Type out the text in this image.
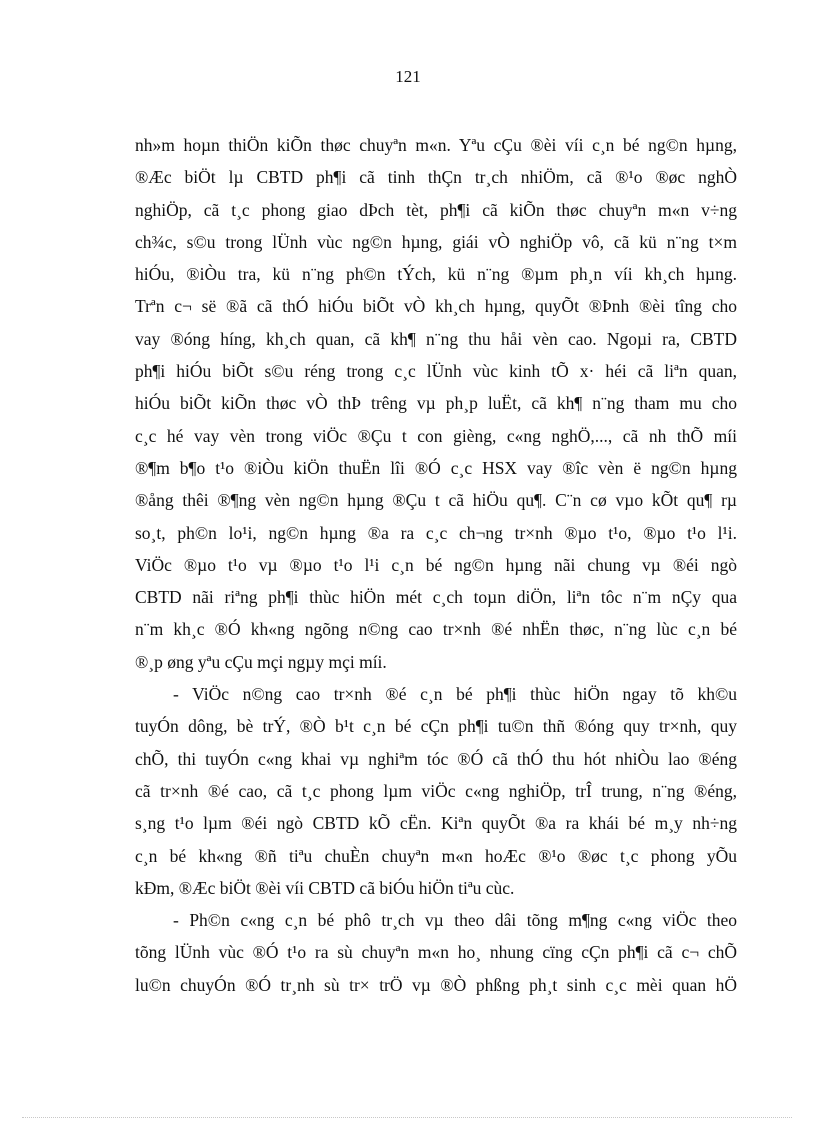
121
nh»m hoµn thiÖn kiÕn thøc chuyªn m«n. Yªu cÇu ®èi víi c¸n bé ng©n hµng,
®Æc biÖt lµ CBTD ph¶i cã tinh thÇn tr¸ch nhiÖm, cã ®¹o ®øc nghÒ
nghiÖp, cã t¸c phong giao dÞch tèt, ph¶i cã kiÕn thøc chuyªn m«n v÷ng
ch¾c, s©u trong lÜnh vùc ng©n hµng, giái vÒ nghiÖp vô, cã kü n¨ng t×m
hiÓu, ®iÒu tra, kü n¨ng ph©n tÝch, kü n¨ng ®µm ph¸n víi kh¸ch hµng.
Trªn c¬ së ®ã cã thÓ hiÓu biÕt vÒ kh¸ch hµng, quyÕt ®Þnh ®èi tîng cho
vay ®óng híng, kh¸ch quan, cã kh¶ n¨ng thu håi vèn cao. Ngoµi ra, CBTD
ph¶i hiÓu biÕt s©u réng trong c¸c lÜnh vùc kinh tÕ x· héi cã liªn quan,
hiÓu biÕt kiÕn thøc vÒ thÞ trêng vµ ph¸p luËt, cã kh¶ n¨ng tham mu cho
c¸c hé vay vèn trong viÖc ®Çu t con gièng, c«ng nghÖ,..., cã nh thÕ míi
®¶m b¶o t¹o ®iÒu kiÖn thuËn lîi ®Ó c¸c HSX vay ®îc vèn ë ng©n hµng
®ång thêi ®¶ng vèn ng©n hµng ®Çu t cã hiÖu qu¶. C¨n cø vµo kÕt qu¶ rµ
so¸t, ph©n lo¹i, ng©n hµng ®a ra c¸c ch¬ng tr×nh ®µo t¹o, ®µo t¹o l¹i.
ViÖc ®µo t¹o vµ ®µo t¹o l¹i c¸n bé ng©n hµng nãi chung vµ ®éi ngò
CBTD nãi riªng ph¶i thùc hiÖn mét c¸ch toµn diÖn, liªn tôc n¨m nÇy qua
n¨m kh¸c ®Ó kh«ng ngõng n©ng cao tr×nh ®é nhËn thøc, n¨ng lùc c¸n bé
®¸p øng yªu cÇu mçi ngµy mçi míi.
- ViÖc n©ng cao tr×nh ®é c¸n bé ph¶i thùc hiÖn ngay tõ kh©u
tuyÓn dông, bè trÝ, ®Ò b¹t c¸n bé cÇn ph¶i tu©n thñ ®óng quy tr×nh, quy
chÕ, thi tuyÓn c«ng khai vµ nghiªm tóc ®Ó cã thÓ thu hót nhiÒu lao ®éng
cã tr×nh ®é cao, cã t¸c phong lµm viÖc c«ng nghiÖp, trÎ trung, n¨ng ®éng,
s¸ng t¹o lµm ®éi ngò CBTD kÕ cËn. Kiªn quyÕt ®a ra khái bé m¸y nh÷ng
c¸n bé kh«ng ®ñ tiªu chuÈn chuyªn m«n hoÆc ®¹o ®øc t¸c phong yÕu
kÐm, ®Æc biÖt ®èi víi CBTD cã biÓu hiÖn tiªu cùc.
- Ph©n c«ng c¸n bé phô tr¸ch vµ theo dâi tõng m¶ng c«ng viÖc theo
tõng lÜnh vùc ®Ó t¹o ra sù chuyªn m«n ho¸ nhung cïng cÇn ph¶i cã c¬ chÕ
lu©n chuyÓn ®Ó tr¸nh sù tr× trÖ vµ ®Ò phßng ph¸t sinh c¸c mèi quan hÖ
